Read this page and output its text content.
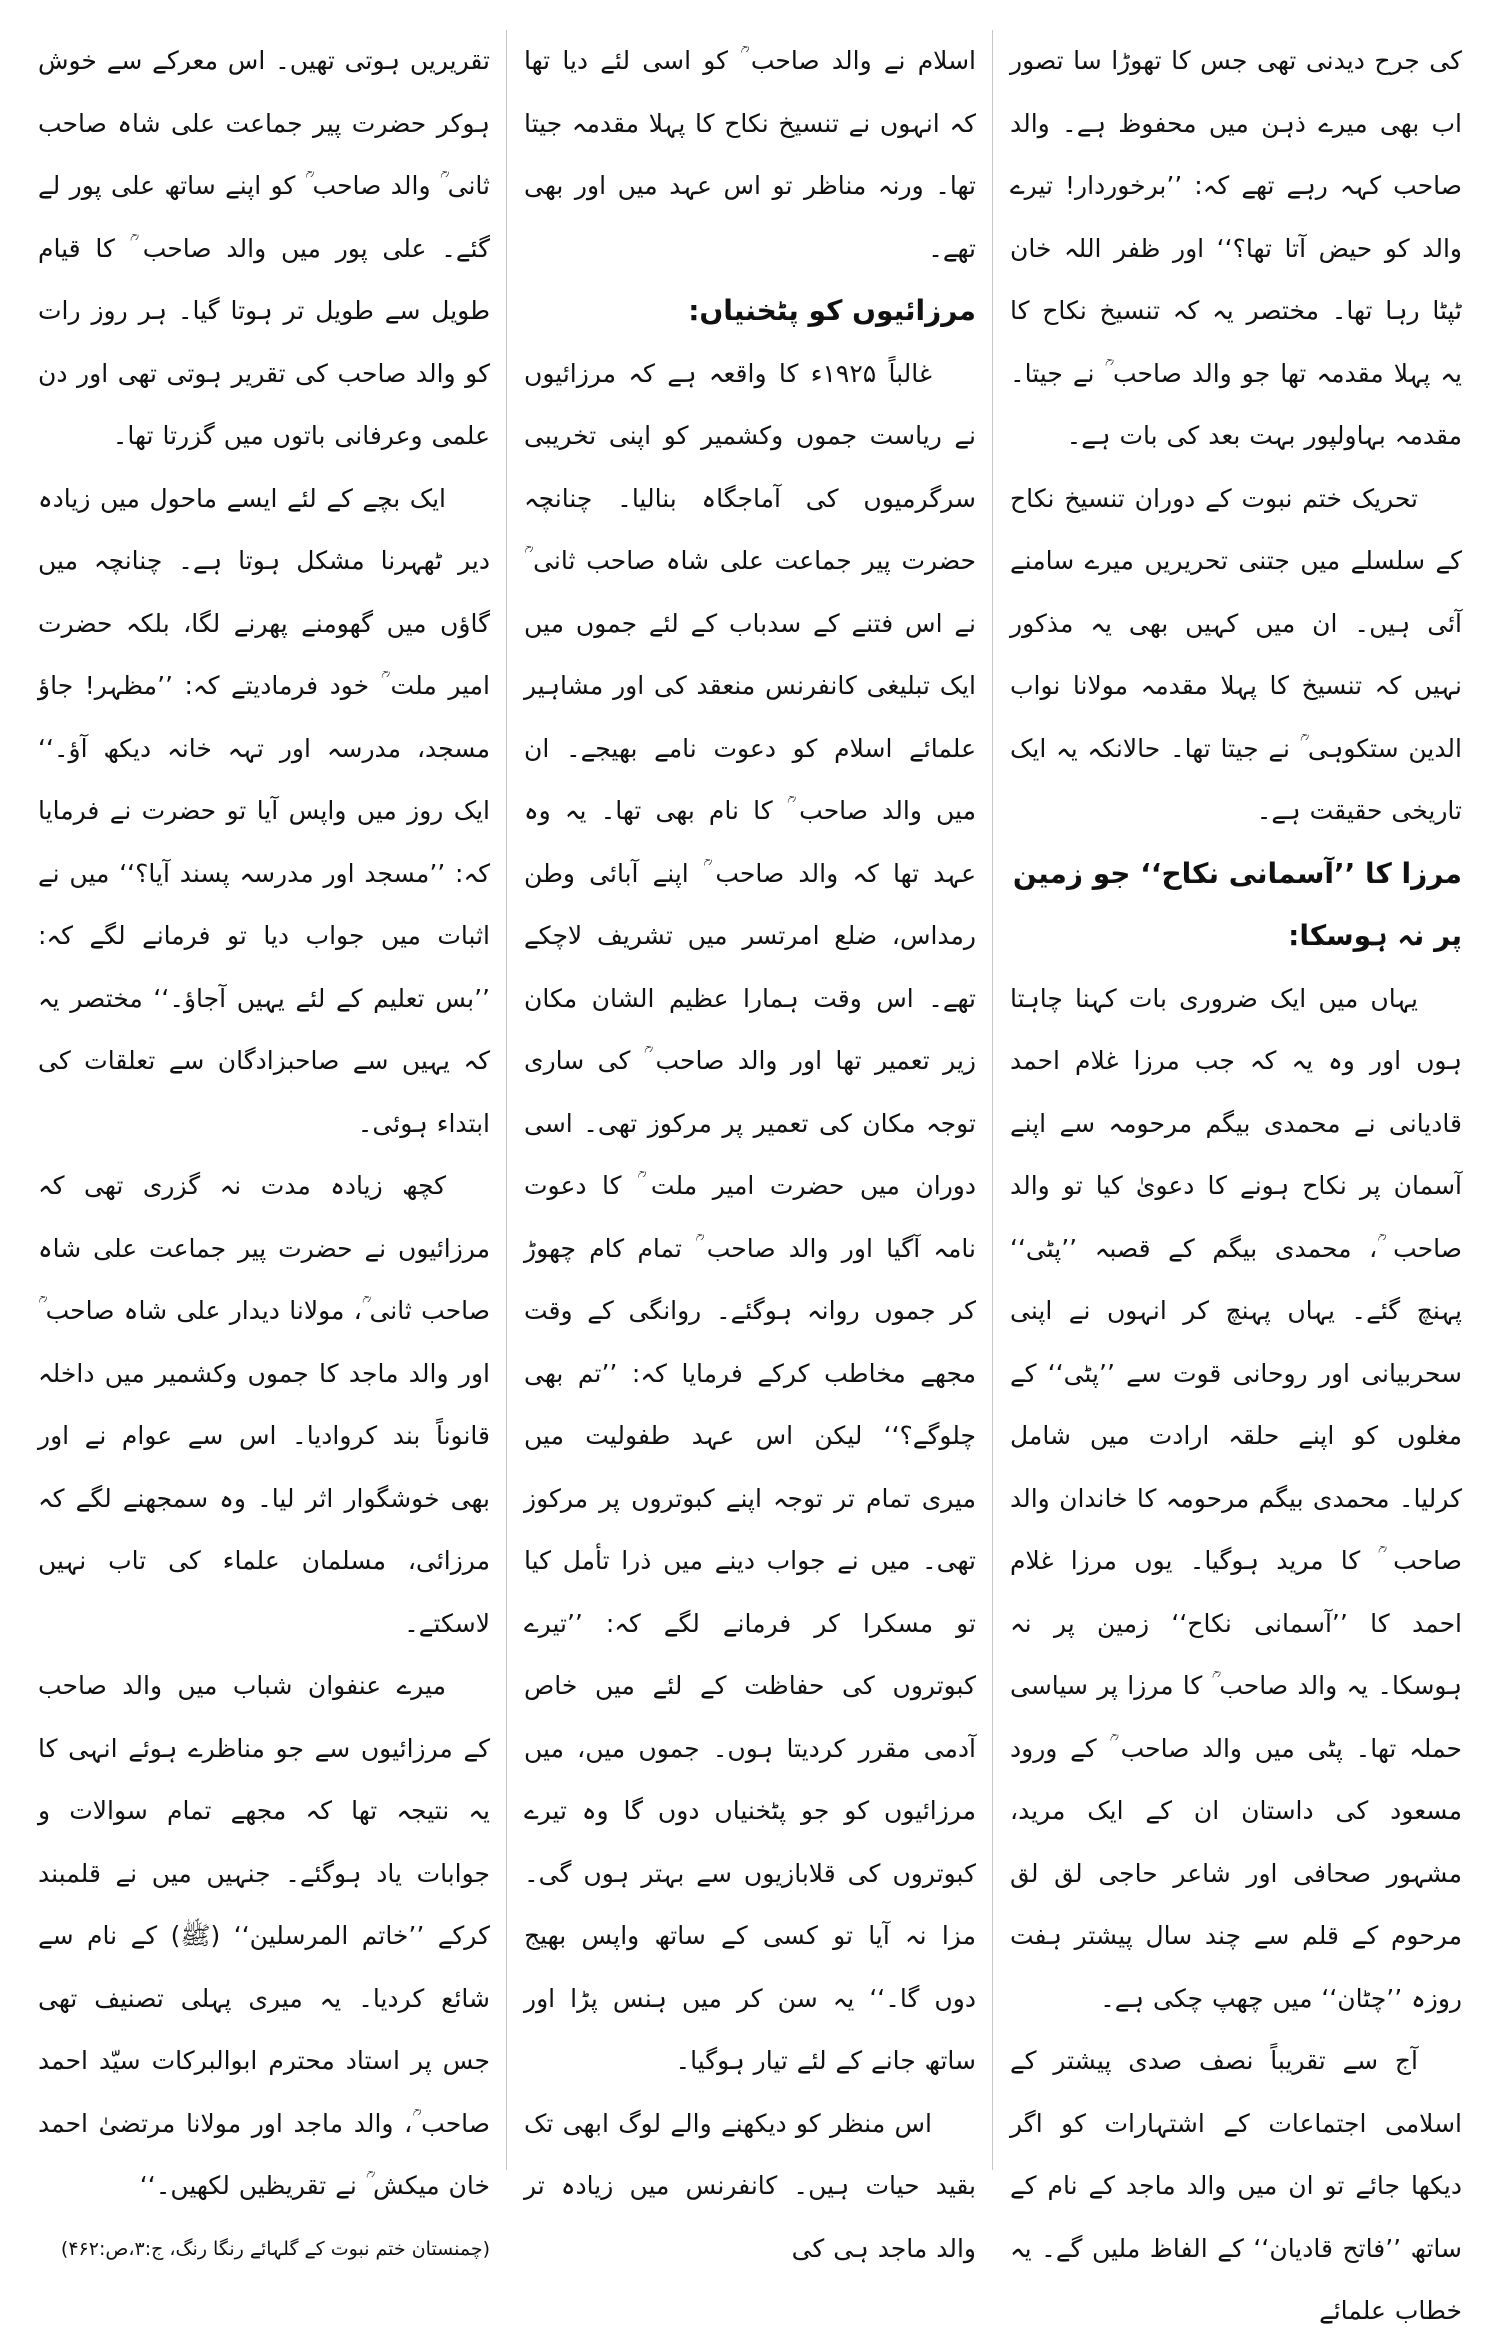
کی جرح دیدنی تھی جس کا تھوڑا سا تصور اب بھی میرے ذہن میں محفوظ ہے۔ والد صاحب کہہ رہے تھے کہ: ’’برخوردار! تیرے والد کو حیض آتا تھا؟‘‘ اور ظفر اللہ خان ٹپٹا رہا تھا۔ مختصر یہ کہ تنسیخ نکاح کا یہ پہلا مقدمہ تھا جو والد صاحب ؒ نے جیتا۔ مقدمہ بہاولپور بہت بعد کی بات ہے۔

تحریک ختم نبوت کے دوران تنسیخ نکاح کے سلسلے میں جتنی تحریریں میرے سامنے آئی ہیں۔ ان میں کہیں بھی یہ مذکور نہیں کہ تنسیخ کا پہلا مقدمہ مولانا نواب الدین ستکوہی ؒ نے جیتا تھا۔ حالانکہ یہ ایک تاریخی حقیقت ہے۔

مرزا کا ’’آسمانی نکاح‘‘ جو زمین پر نہ ہوسکا:

یہاں میں ایک ضروری بات کہنا چاہتا ہوں اور وہ یہ کہ جب مرزا غلام احمد قادیانی نے محمدی بیگم مرحومہ سے اپنے آسمان پر نکاح ہونے کا دعویٰ کیا تو والد صاحب ؒ، محمدی بیگم کے قصبہ ’’پٹی‘‘ پہنچ گئے۔ یہاں پہنچ کر انہوں نے اپنی سحربیانی اور روحانی قوت سے ’’پٹی‘‘ کے مغلوں کو اپنے حلقہ ارادت میں شامل کرلیا۔ محمدی بیگم مرحومہ کا خاندان والد صاحب ؒ کا مرید ہوگیا۔ یوں مرزا غلام احمد کا ’’آسمانی نکاح‘‘ زمین پر نہ ہوسکا۔ یہ والد صاحب ؒ کا مرزا پر سیاسی حملہ تھا۔ پٹی میں والد صاحب ؒ کے ورود مسعود کی داستان ان کے ایک مرید، مشہور صحافی اور شاعر حاجی لق لق مرحوم کے قلم سے چند سال پیشتر ہفت روزہ ’’چٹان‘‘ میں چھپ چکی ہے۔

آج سے تقریباً نصف صدی پیشتر کے اسلامی اجتماعات کے اشتہارات کو اگر دیکھا جائے تو ان میں والد ماجد کے نام کے ساتھ ’’فاتح قادیان‘‘ کے الفاظ ملیں گے۔ یہ خطاب علمائے

اسلام نے والد صاحب ؒ کو اسی لئے دیا تھا کہ انہوں نے تنسیخ نکاح کا پہلا مقدمہ جیتا تھا۔ ورنہ مناظر تو اس عہد میں اور بھی تھے۔

مرزائیوں کو پٹخنیاں:

غالباً ۱۹۲۵ء کا واقعہ ہے کہ مرزائیوں نے ریاست جموں وکشمیر کو اپنی تخریبی سرگرمیوں کی آماجگاہ بنالیا۔ چنانچہ حضرت پیر جماعت علی شاہ صاحب ثانی ؒ نے اس فتنے کے سدباب کے لئے جموں میں ایک تبلیغی کانفرنس منعقد کی اور مشاہیر علمائے اسلام کو دعوت نامے بھیجے۔ ان میں والد صاحب ؒ کا نام بھی تھا۔ یہ وہ عہد تھا کہ والد صاحب ؒ اپنے آبائی وطن رمداس، ضلع امرتسر میں تشریف لاچکے تھے۔ اس وقت ہمارا عظیم الشان مکان زیر تعمیر تھا اور والد صاحب ؒ کی ساری توجہ مکان کی تعمیر پر مرکوز تھی۔ اسی دوران میں حضرت امیر ملت ؒ کا دعوت نامہ آگیا اور والد صاحب ؒ تمام کام چھوڑ کر جموں روانہ ہوگئے۔ روانگی کے وقت مجھے مخاطب کرکے فرمایا کہ: ’’تم بھی چلوگے؟‘‘ لیکن اس عہد طفولیت میں میری تمام تر توجہ اپنے کبوتروں پر مرکوز تھی۔ میں نے جواب دینے میں ذرا تأمل کیا تو مسکرا کر فرمانے لگے کہ: ’’تیرے کبوتروں کی حفاظت کے لئے میں خاص آدمی مقرر کردیتا ہوں۔ جموں میں، میں مرزائیوں کو جو پٹخنیاں دوں گا وہ تیرے کبوتروں کی قلابازیوں سے بہتر ہوں گی۔ مزا نہ آیا تو کسی کے ساتھ واپس بھیج دوں گا۔‘‘ یہ سن کر میں ہنس پڑا اور ساتھ جانے کے لئے تیار ہوگیا۔

اس منظر کو دیکھنے والے لوگ ابھی تک بقید حیات ہیں۔ کانفرنس میں زیادہ تر والد ماجد ہی کی

تقریریں ہوتی تھیں۔ اس معرکے سے خوش ہوکر حضرت پیر جماعت علی شاہ صاحب ثانی ؒ والد صاحب ؒ کو اپنے ساتھ علی پور لے گئے۔ علی پور میں والد صاحب ؒ کا قیام طویل سے طویل تر ہوتا گیا۔ ہر روز رات کو والد صاحب کی تقریر ہوتی تھی اور دن علمی وعرفانی باتوں میں گزرتا تھا۔

ایک بچے کے لئے ایسے ماحول میں زیادہ دیر ٹھہرنا مشکل ہوتا ہے۔ چنانچہ میں گاؤں میں گھومنے پھرنے لگا، بلکہ حضرت امیر ملت ؒ خود فرمادیتے کہ: ’’مظہر! جاؤ مسجد، مدرسہ اور تہہ خانہ دیکھ آؤ۔‘‘ ایک روز میں واپس آیا تو حضرت نے فرمایا کہ: ’’مسجد اور مدرسہ پسند آیا؟‘‘ میں نے اثبات میں جواب دیا تو فرمانے لگے کہ: ’’بس تعلیم کے لئے یہیں آجاؤ۔‘‘ مختصر یہ کہ یہیں سے صاحبزادگان سے تعلقات کی ابتداء ہوئی۔

کچھ زیادہ مدت نہ گزری تھی کہ مرزائیوں نے حضرت پیر جماعت علی شاہ صاحب ثانی ؒ، مولانا دیدار علی شاہ صاحب ؒ اور والد ماجد کا جموں وکشمیر میں داخلہ قانوناً بند کروادیا۔ اس سے عوام نے اور بھی خوشگوار اثر لیا۔ وہ سمجھنے لگے کہ مرزائی، مسلمان علماء کی تاب نہیں لاسکتے۔

میرے عنفوان شباب میں والد صاحب کے مرزائیوں سے جو مناظرے ہوئے انہی کا یہ نتیجہ تھا کہ مجھے تمام سوالات و جوابات یاد ہوگئے۔ جنہیں میں نے قلمبند کرکے ’’خاتم المرسلین‘‘ (ﷺ) کے نام سے شائع کردیا۔ یہ میری پہلی تصنیف تھی جس پر استاد محترم ابوالبرکات سیّد احمد صاحب ؒ، والد ماجد اور مولانا مرتضیٰ احمد خان میکش ؒ نے تقریظیں لکھیں۔‘‘

(چمنستان ختم نبوت کے گلہائے رنگا رنگ، ج:۳،ص:۴۶۲)
